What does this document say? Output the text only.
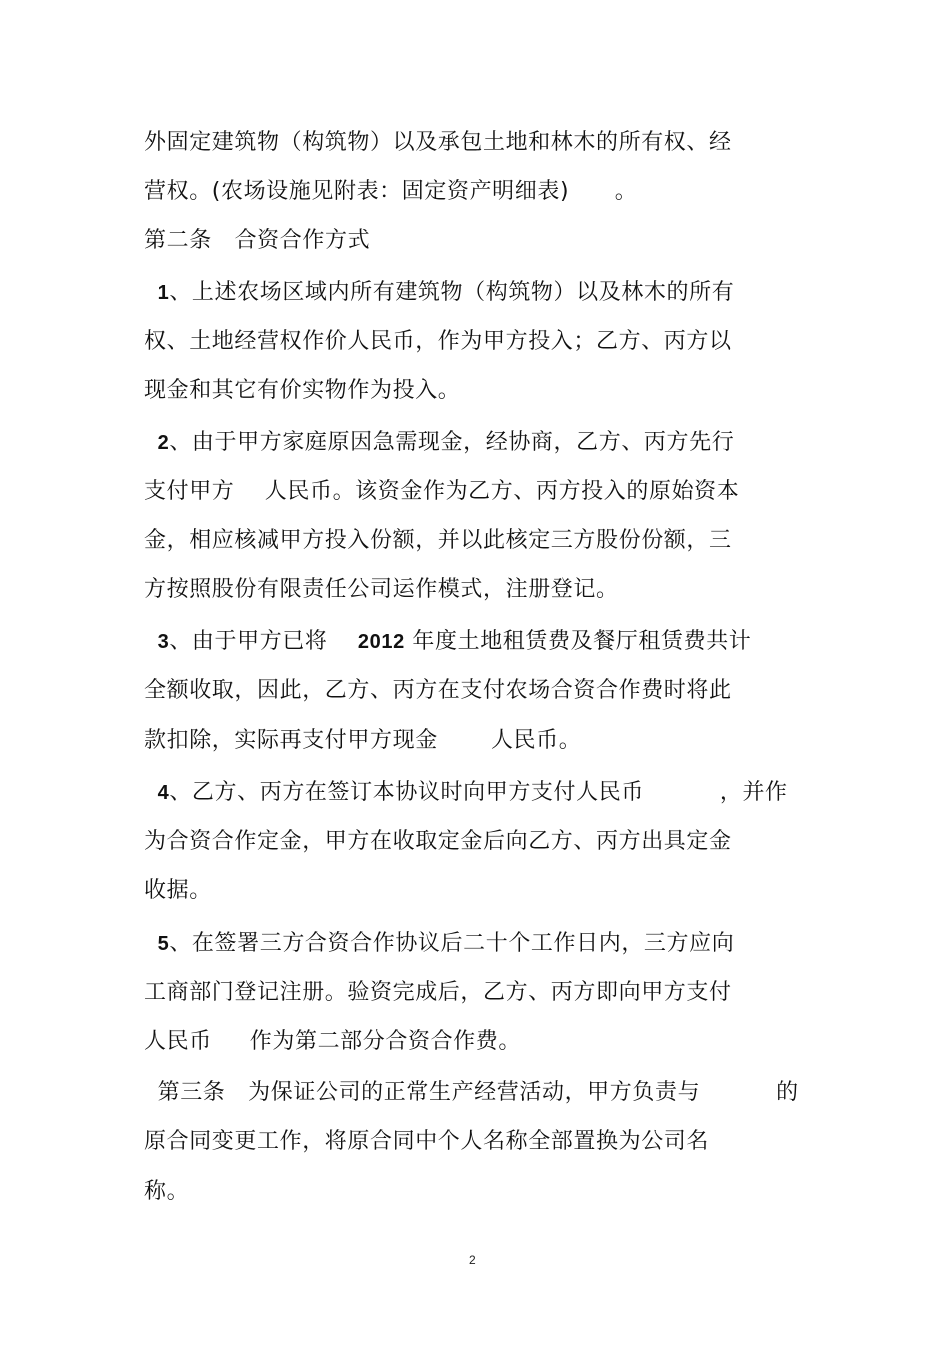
外固定建筑物（构筑物）以及承包土地和林木的所有权、经
营权。(农场设施见附表：固定资产明细表)      。
第二条   合资合作方式
1、上述农场区域内所有建筑物（构筑物）以及林木的所有
权、土地经营权作价人民币，作为甲方投入；乙方、丙方以
现金和其它有价实物作为投入。
2、由于甲方家庭原因急需现金，经协商，乙方、丙方先行
支付甲方    人民币。该资金作为乙方、丙方投入的原始资本
金，相应核减甲方投入份额，并以此核定三方股份份额，三
方按照股份有限责任公司运作模式，注册登记。
3、由于甲方已将    2012 年度土地租赁费及餐厅租赁费共计
全额收取，因此，乙方、丙方在支付农场合资合作费时将此
款扣除，实际再支付甲方现金       人民币。
4、乙方、丙方在签订本协议时向甲方支付人民币          ，并作
为合资合作定金，甲方在收取定金后向乙方、丙方出具定金
收据。
5、在签署三方合资合作协议后二十个工作日内，三方应向
工商部门登记注册。验资完成后，乙方、丙方即向甲方支付
人民币     作为第二部分合资合作费。
第三条   为保证公司的正常生产经营活动，甲方负责与          的
原合同变更工作，将原合同中个人名称全部置换为公司名
称。
2
